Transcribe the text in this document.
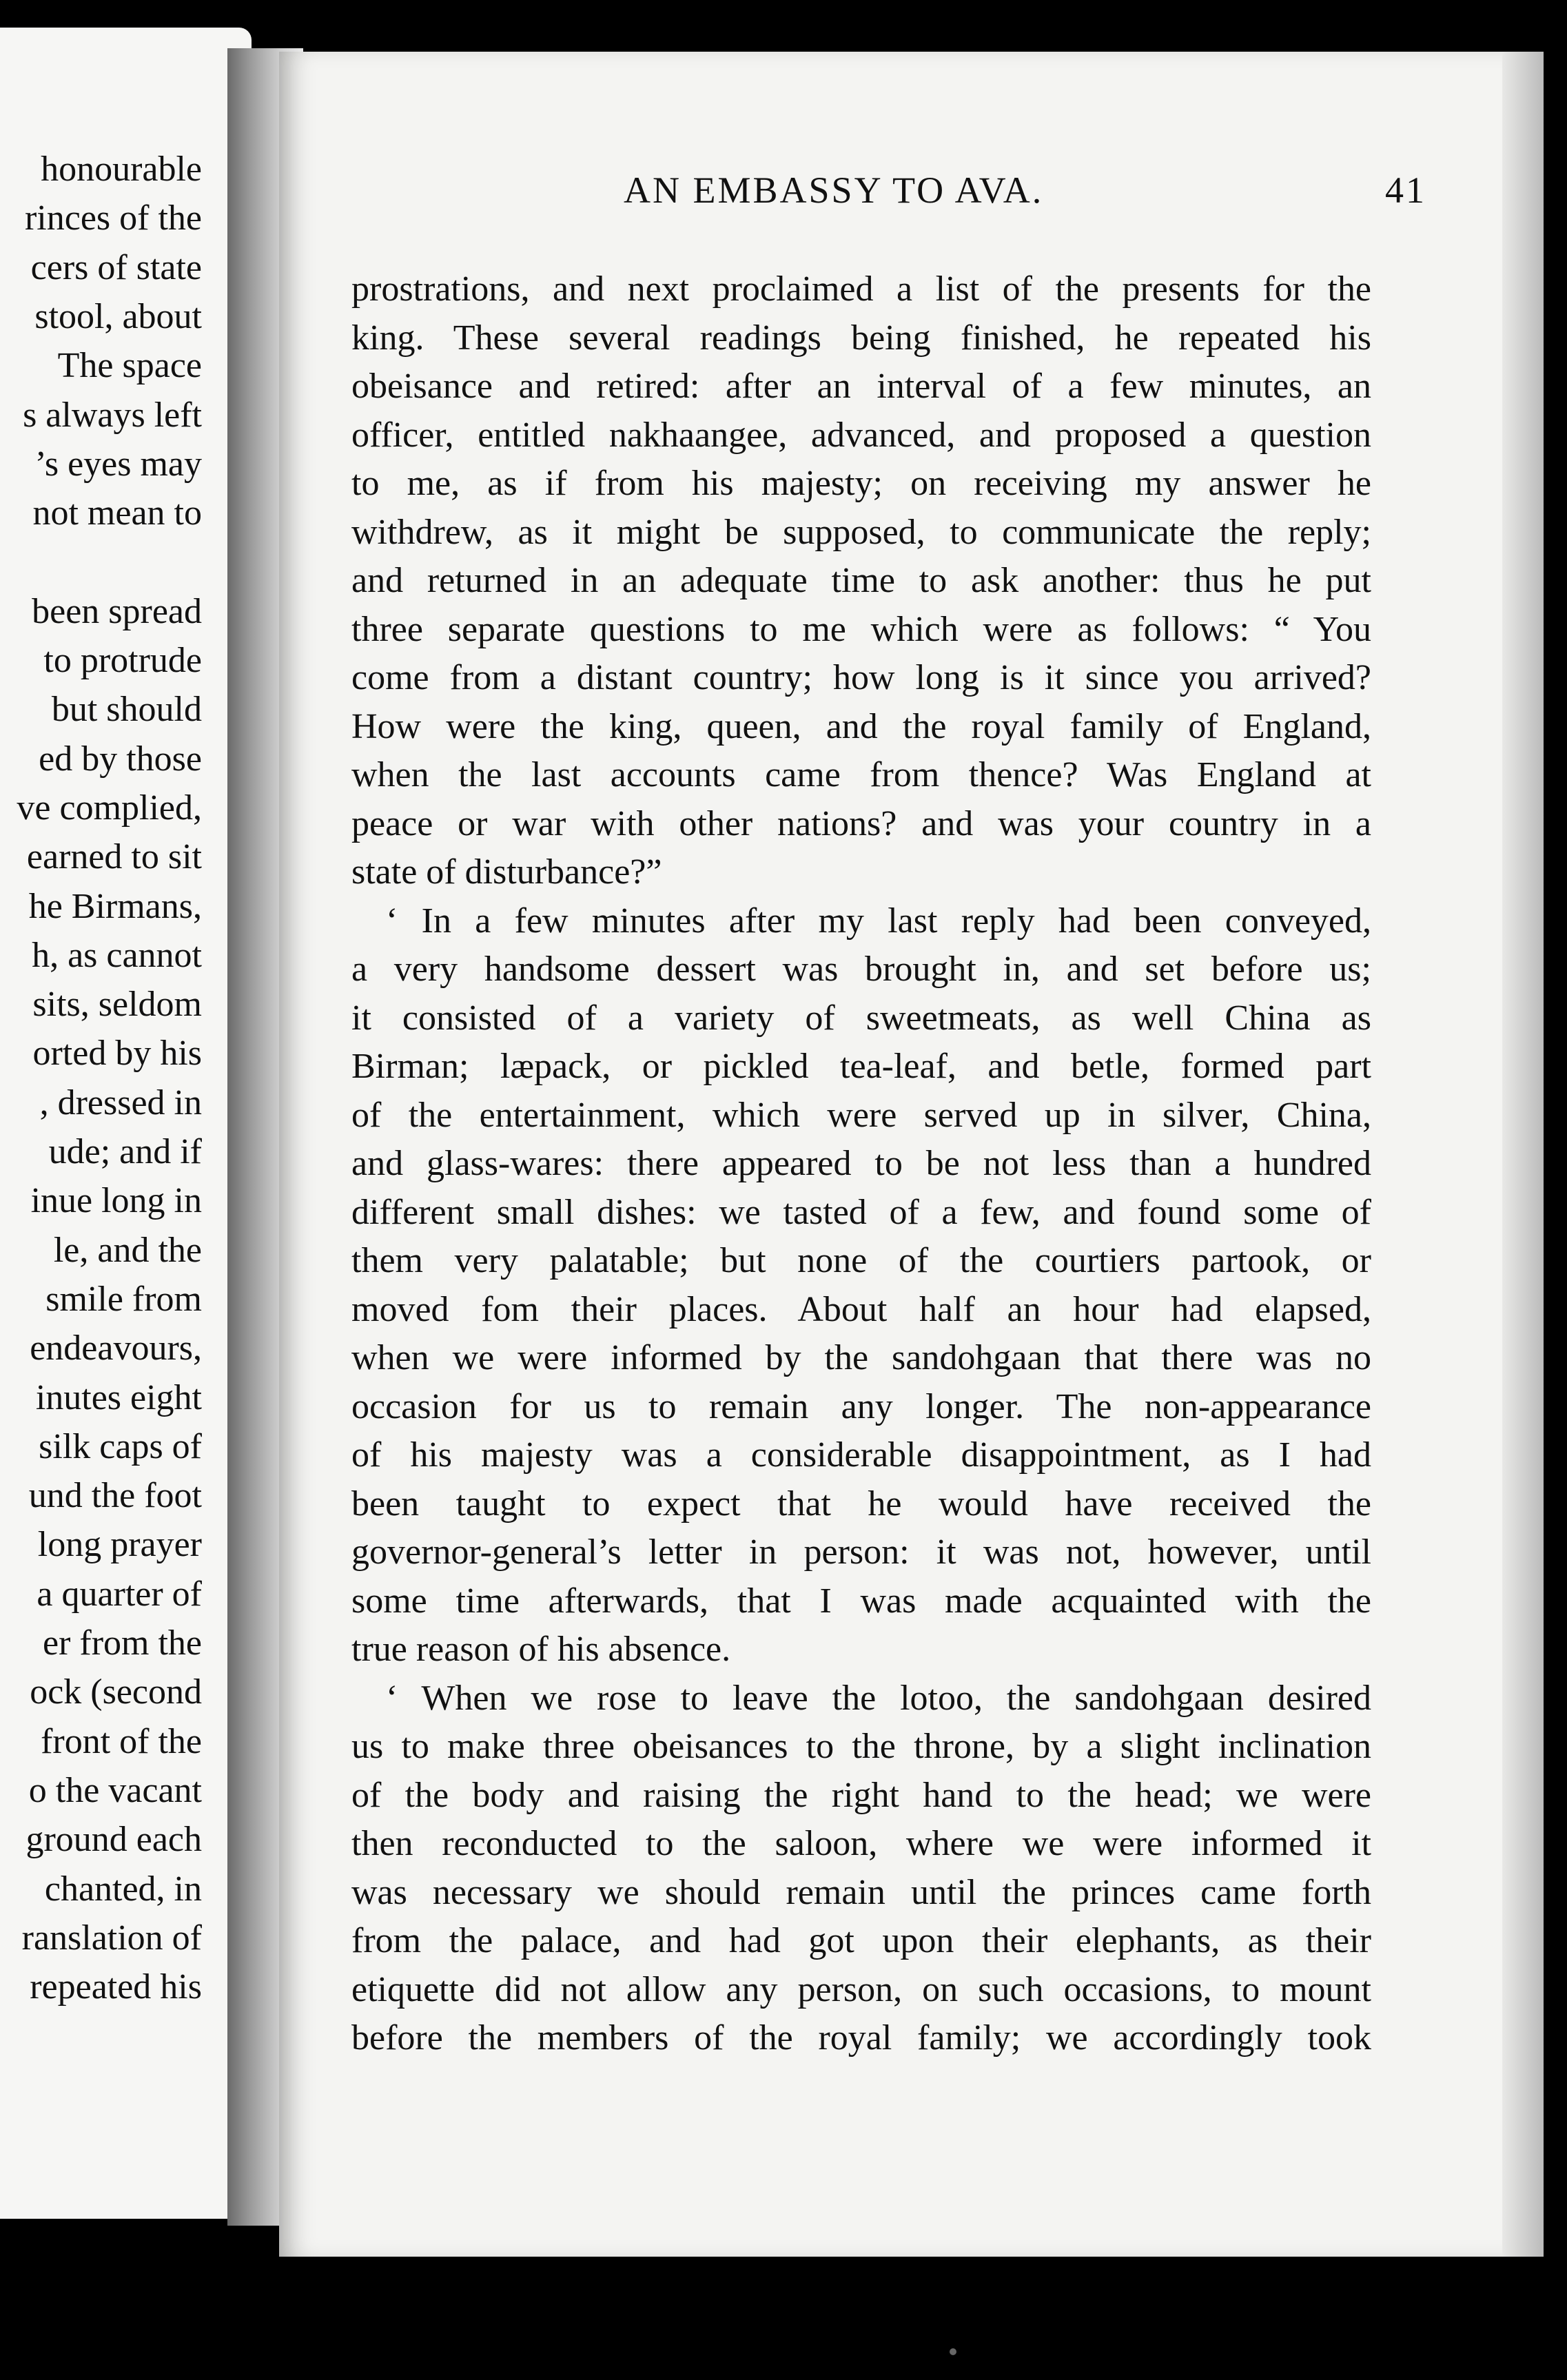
honourable
rinces of the
cers of state
stool, about
The space
s always left
’s eyes may
not mean to
been spread
to protrude
but should
ed by those
ve complied,
earned to sit
he Birmans,
h, as cannot
sits, seldom
orted by his
, dressed in
ude; and if
inue long in
le, and the
smile from
endeavours,
inutes eight
silk caps of
und the foot
long prayer
a quarter of
er from the
ock (second
front of the
o the vacant
ground each
chanted, in
ranslation of
repeated his
AN EMBASSY TO AVA.	41
prostrations, and next proclaimed a list of the presents for the
king. These several readings being finished, he repeated his
obeisance and retired: after an interval of a few minutes, an
officer, entitled nakhaangee, advanced, and proposed a question
to me, as if from his majesty; on receiving my answer he
withdrew, as it might be supposed, to communicate the reply;
and returned in an adequate time to ask another: thus he put
three separate questions to me which were as follows: “ You
come from a distant country; how long is it since you arrived?
How were the king, queen, and the royal family of England,
when the last accounts came from thence? Was England at
peace or war with other nations? and was your country in a
state of disturbance?”
‘ In a few minutes after my last reply had been conveyed,
a very handsome dessert was brought in, and set before us;
it consisted of a variety of sweetmeats, as well China as
Birman; læpack, or pickled tea-leaf, and betle, formed part
of the entertainment, which were served up in silver, China,
and glass-wares: there appeared to be not less than a hundred
different small dishes: we tasted of a few, and found some of
them very palatable; but none of the courtiers partook, or
moved fom their places. About half an hour had elapsed,
when we were informed by the sandohgaan that there was no
occasion for us to remain any longer. The non-appearance
of his majesty was a considerable disappointment, as I had
been taught to expect that he would have received the
governor-general’s letter in person: it was not, however, until
some time afterwards, that I was made acquainted with the
true reason of his absence.
‘ When we rose to leave the lotoo, the sandohgaan desired
us to make three obeisances to the throne, by a slight inclination
of the body and raising the right hand to the head; we were
then reconducted to the saloon, where we were informed it
was necessary we should remain until the princes came forth
from the palace, and had got upon their elephants, as their
etiquette did not allow any person, on such occasions, to mount
before the members of the royal family; we accordingly took
